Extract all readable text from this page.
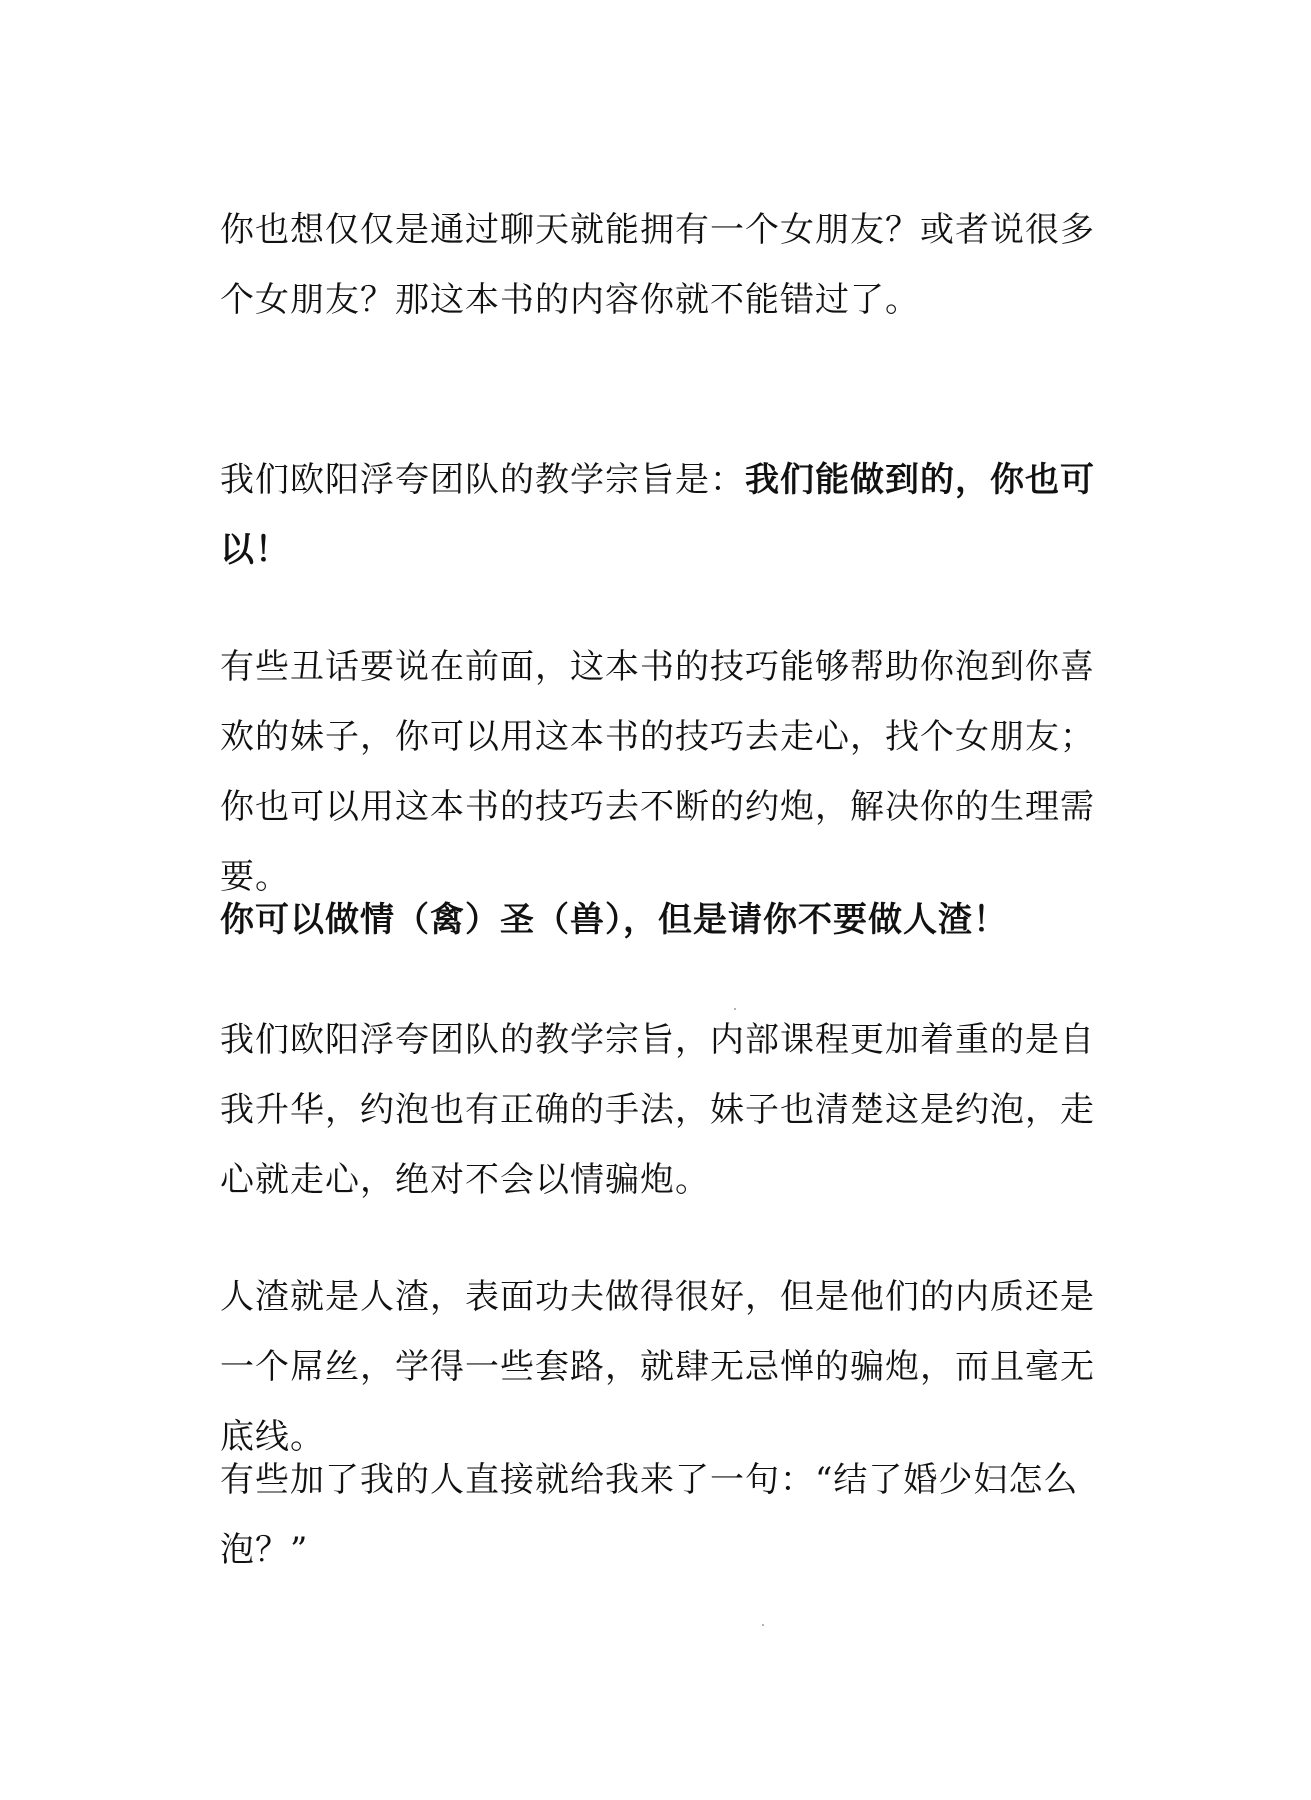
你也想仅仅是通过聊天就能拥有一个女朋友？或者说很多个女朋友？那这本书的内容你就不能错过了。

我们欧阳浮夸团队的教学宗旨是：我们能做到的，你也可以！

有些丑话要说在前面，这本书的技巧能够帮助你泡到你喜欢的妹子，你可以用这本书的技巧去走心，找个女朋友；你也可以用这本书的技巧去不断的约炮，解决你的生理需要。

你可以做情（禽）圣（兽），但是请你不要做人渣！

我们欧阳浮夸团队的教学宗旨，内部课程更加着重的是自我升华，约泡也有正确的手法，妹子也清楚这是约泡，走心就走心，绝对不会以情骗炮。

人渣就是人渣，表面功夫做得很好，但是他们的内质还是一个屌丝，学得一些套路，就肆无忌惮的骗炮，而且毫无底线。

有些加了我的人直接就给我来了一句：“结了婚少妇怎么泡？”
